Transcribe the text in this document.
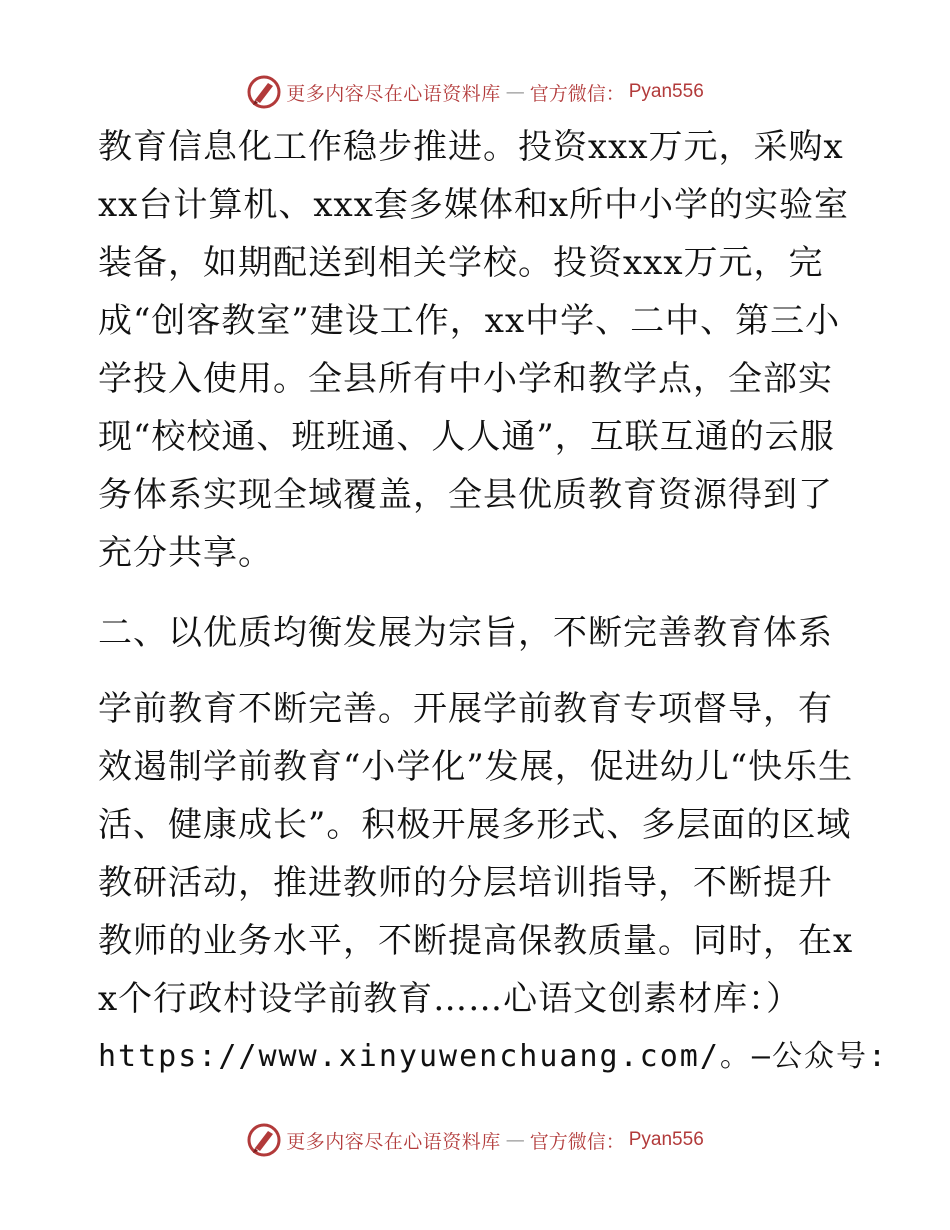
更多内容尽在心语资料库 — 官方微信： Pyan556

教育信息化工作稳步推进。投资xxx万元，采购xxx台计算机、xxx套多媒体和x所中小学的实验室装备，如期配送到相关学校。投资xxx万元，完成“创客教室”建设工作，xx中学、二中、第三小学投入使用。全县所有中小学和教学点，全部实现“校校通、班班通、人人通”，互联互通的云服务体系实现全域覆盖，全县优质教育资源得到了充分共享。

二、以优质均衡发展为宗旨，不断完善教育体系

学前教育不断完善。开展学前教育专项督导，有效遏制学前教育“小学化”发展，促进幼儿“快乐生活、健康成长”。积极开展多形式、多层面的区域教研活动，推进教师的分层培训指导，不断提升教师的业务水平，不断提高保教质量。同时，在xx个行政村设学前教育……心语文创素材库：）

https://www.xinyuwenchuang.com/。—公众号:
更多内容尽在心语资料库 — 官方微信： Pyan556
